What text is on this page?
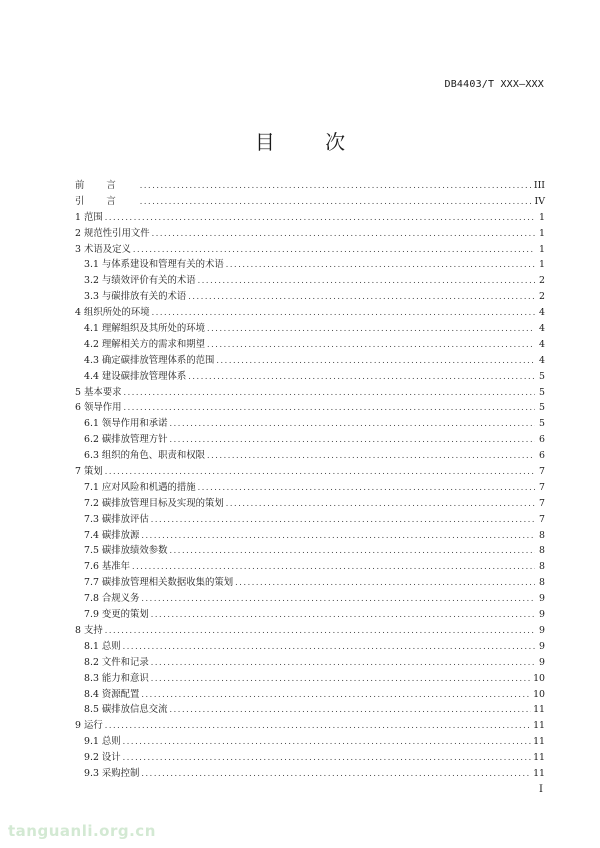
DB4403/T XXX—XXX
目 次
前言 .....	III
引言 .....	IV
1 范围 .....	1
2 规范性引用文件 .....	1
3 术语及定义 .....	1
3.1 与体系建设和管理有关的术语 .....	1
3.2 与绩效评价有关的术语 .....	2
3.3 与碳排放有关的术语 .....	2
4 组织所处的环境 .....	4
4.1 理解组织及其所处的环境 .....	4
4.2 理解相关方的需求和期望 .....	4
4.3 确定碳排放管理体系的范围 .....	4
4.4 建设碳排放管理体系 .....	5
5 基本要求 .....	5
6 领导作用 .....	5
6.1 领导作用和承诺 .....	5
6.2 碳排放管理方针 .....	6
6.3 组织的角色、职责和权限 .....	6
7 策划 .....	7
7.1 应对风险和机遇的措施 .....	7
7.2 碳排放管理目标及实现的策划 .....	7
7.3 碳排放评估 .....	7
7.4 碳排放源 .....	8
7.5 碳排放绩效参数 .....	8
7.6 基准年 .....	8
7.7 碳排放管理相关数据收集的策划 .....	8
7.8 合规义务 .....	9
7.9 变更的策划 .....	9
8 支持 .....	9
8.1 总则 .....	9
8.2 文件和记录 .....	9
8.3 能力和意识 .....	10
8.4 资源配置 .....	10
8.5 碳排放信息交流 .....	11
9 运行 .....	11
9.1 总则 .....	11
9.2 设计 .....	11
9.3 采购控制 .....	11
I
tanguanli.org.cn
